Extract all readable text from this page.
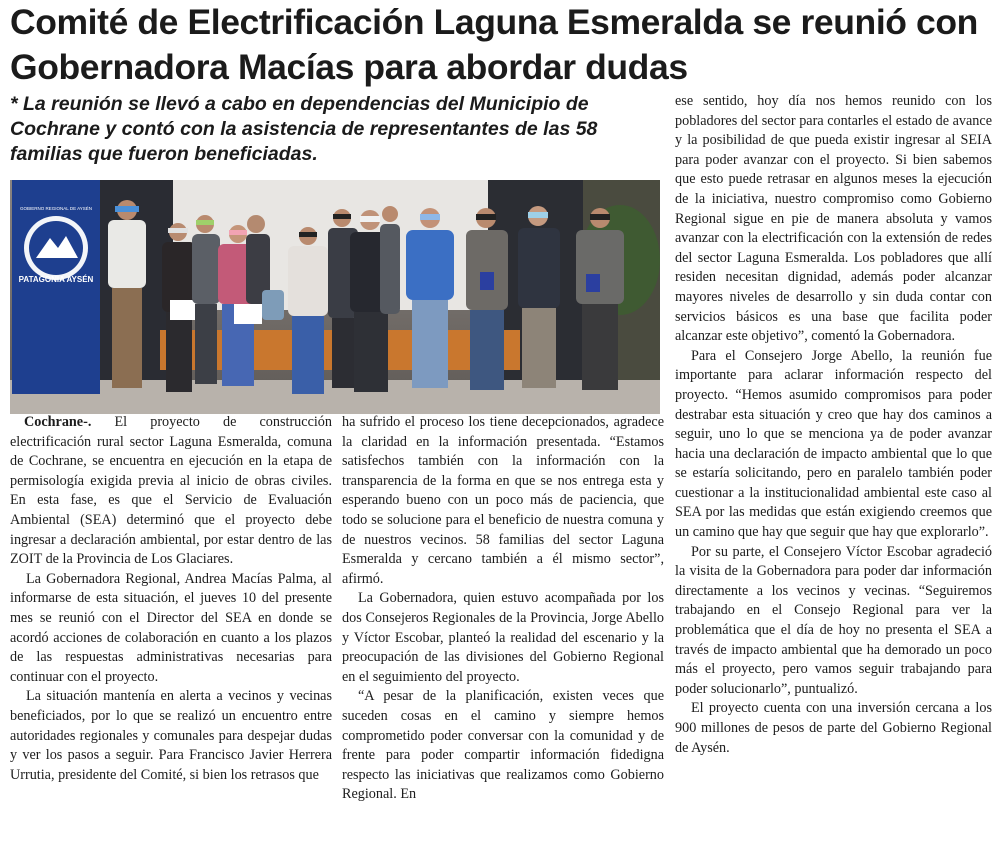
Comité de Electrificación Laguna Esmeralda se reunió con Gobernadora Macías para abordar dudas
* La reunión se llevó a cabo en dependencias del Municipio de Cochrane y contó con la asistencia de representantes de las 58 familias que fueron beneficiadas.
PATAGONIA AYSÉN
GOBIERNO REGIONAL DE AYSÉN

Cochrane-. El proyecto de construcción electrificación rural sector Laguna Esmeralda, comuna de Cochrane, se encuentra en ejecución en la etapa de permisología exigida previa al inicio de obras civiles. En esta fase, es que el Servicio de Evaluación Ambiental (SEA) determinó que el proyecto debe ingresar a declaración ambiental, por estar dentro de las ZOIT de la Provincia de Los Glaciares.

La Gobernadora Regional, Andrea Macías Palma, al informarse de esta situación, el jueves 10 del presente mes se reunió con el Director del SEA en donde se acordó acciones de colaboración en cuanto a los plazos de las respuestas administrativas necesarias para continuar con el proyecto.

La situación mantenía en alerta a vecinos y vecinas beneficiados, por lo que se realizó un encuentro entre autoridades regionales y comunales para despejar dudas y ver los pasos a seguir. Para Francisco Javier Herrera Urrutia, presidente del Comité, si bien los retrasos que

ha sufrido el proceso los tiene decepcionados, agradece la claridad en la información presentada. “Estamos satisfechos también con la información con la transparencia de la forma en que se nos entrega esta y esperando bueno con un poco más de paciencia, que todo se solucione para el beneficio de nuestra comuna y de nuestros vecinos. 58 familias del sector Laguna Esmeralda y cercano también a él mismo sector”, afirmó.

La Gobernadora, quien estuvo acompañada por los dos Consejeros Regionales de la Provincia, Jorge Abello y Víctor Escobar, planteó la realidad del escenario y la preocupación de las divisiones del Gobierno Regional en el seguimiento del proyecto.

“A pesar de la planificación, existen veces que suceden cosas en el camino y siempre hemos comprometido poder conversar con la comunidad y de frente para poder compartir información fidedigna respecto las iniciativas que realizamos como Gobierno Regional. En

ese sentido, hoy día nos hemos reunido con los pobladores del sector para contarles el estado de avance y la posibilidad de que pueda existir ingresar al SEIA para poder avanzar con el proyecto. Si bien sabemos que esto puede retrasar en algunos meses la ejecución de la iniciativa, nuestro compromiso como Gobierno Regional sigue en pie de manera absoluta y vamos avanzar con la electrificación con la extensión de redes del sector Laguna Esmeralda. Los pobladores que allí residen necesitan dignidad, además poder alcanzar mayores niveles de desarrollo y sin duda contar con servicios básicos es una base que facilita poder alcanzar este objetivo”, comentó la Gobernadora.

Para el Consejero Jorge Abello, la reunión fue importante para aclarar información respecto del proyecto. “Hemos asumido compromisos para poder destrabar esta situación y creo que hay dos caminos a seguir, uno lo que se menciona ya de poder avanzar hacia una declaración de impacto ambiental que lo que se estaría solicitando, pero en paralelo también poder cuestionar a la institucionalidad ambiental este caso al SEA por las medidas que están exigiendo creemos que un camino que hay que seguir que hay que explorarlo”.

Por su parte, el Consejero Víctor Escobar agradeció la visita de la Gobernadora para poder dar información directamente a los vecinos y vecinas. “Seguiremos trabajando en el Consejo Regional para ver la problemática que el día de hoy no presenta el SEA a través de impacto ambiental que ha demorado un poco más el proyecto, pero vamos seguir trabajando para poder solucionarlo”, puntualizó.

El proyecto cuenta con una inversión cercana a los 900 millones de pesos de parte del Gobierno Regional de Aysén.
